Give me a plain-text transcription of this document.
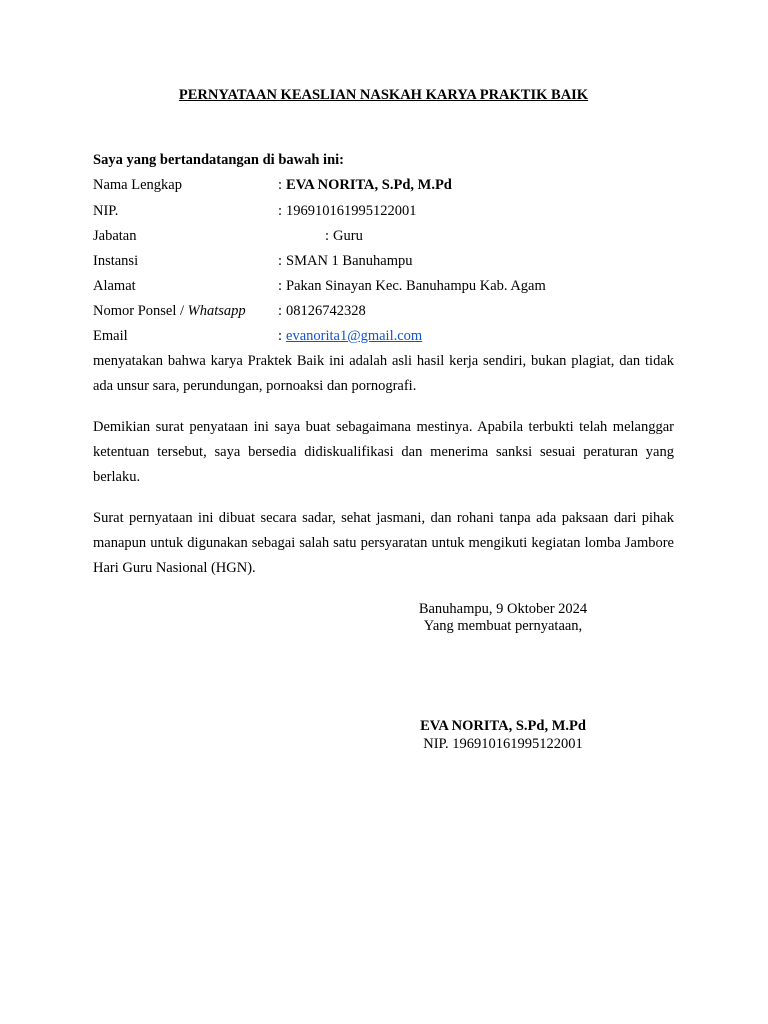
PERNYATAAN KEASLIAN NASKAH KARYA PRAKTIK BAIK
Saya yang bertandatangan di bawah ini:
Nama Lengkap	: EVA NORITA, S.Pd, M.Pd
NIP.	: 196910161995122001
Jabatan	: Guru
Instansi	: SMAN 1 Banuhampu
Alamat	: Pakan Sinayan Kec. Banuhampu Kab. Agam
Nomor Ponsel / Whatsapp : 08126742328
Email	: evanorita1@gmail.com

menyatakan bahwa karya Praktek Baik ini adalah asli hasil kerja sendiri, bukan plagiat, dan tidak ada unsur sara, perundungan, pornoaksi dan pornografi.

Demikian surat penyataan ini saya buat sebagaimana mestinya. Apabila terbukti telah melanggar ketentuan tersebut, saya bersedia didiskualifikasi dan menerima sanksi sesuai peraturan yang berlaku.

Surat pernyataan ini dibuat secara sadar, sehat jasmani, dan rohani tanpa ada paksaan dari pihak manapun untuk digunakan sebagai salah satu persyaratan untuk mengikuti kegiatan lomba Jambore Hari Guru Nasional (HGN).

Banuhampu, 9 Oktober 2024
Yang membuat pernyataan,
EVA NORITA, S.Pd, M.Pd
NIP. 196910161995122001
